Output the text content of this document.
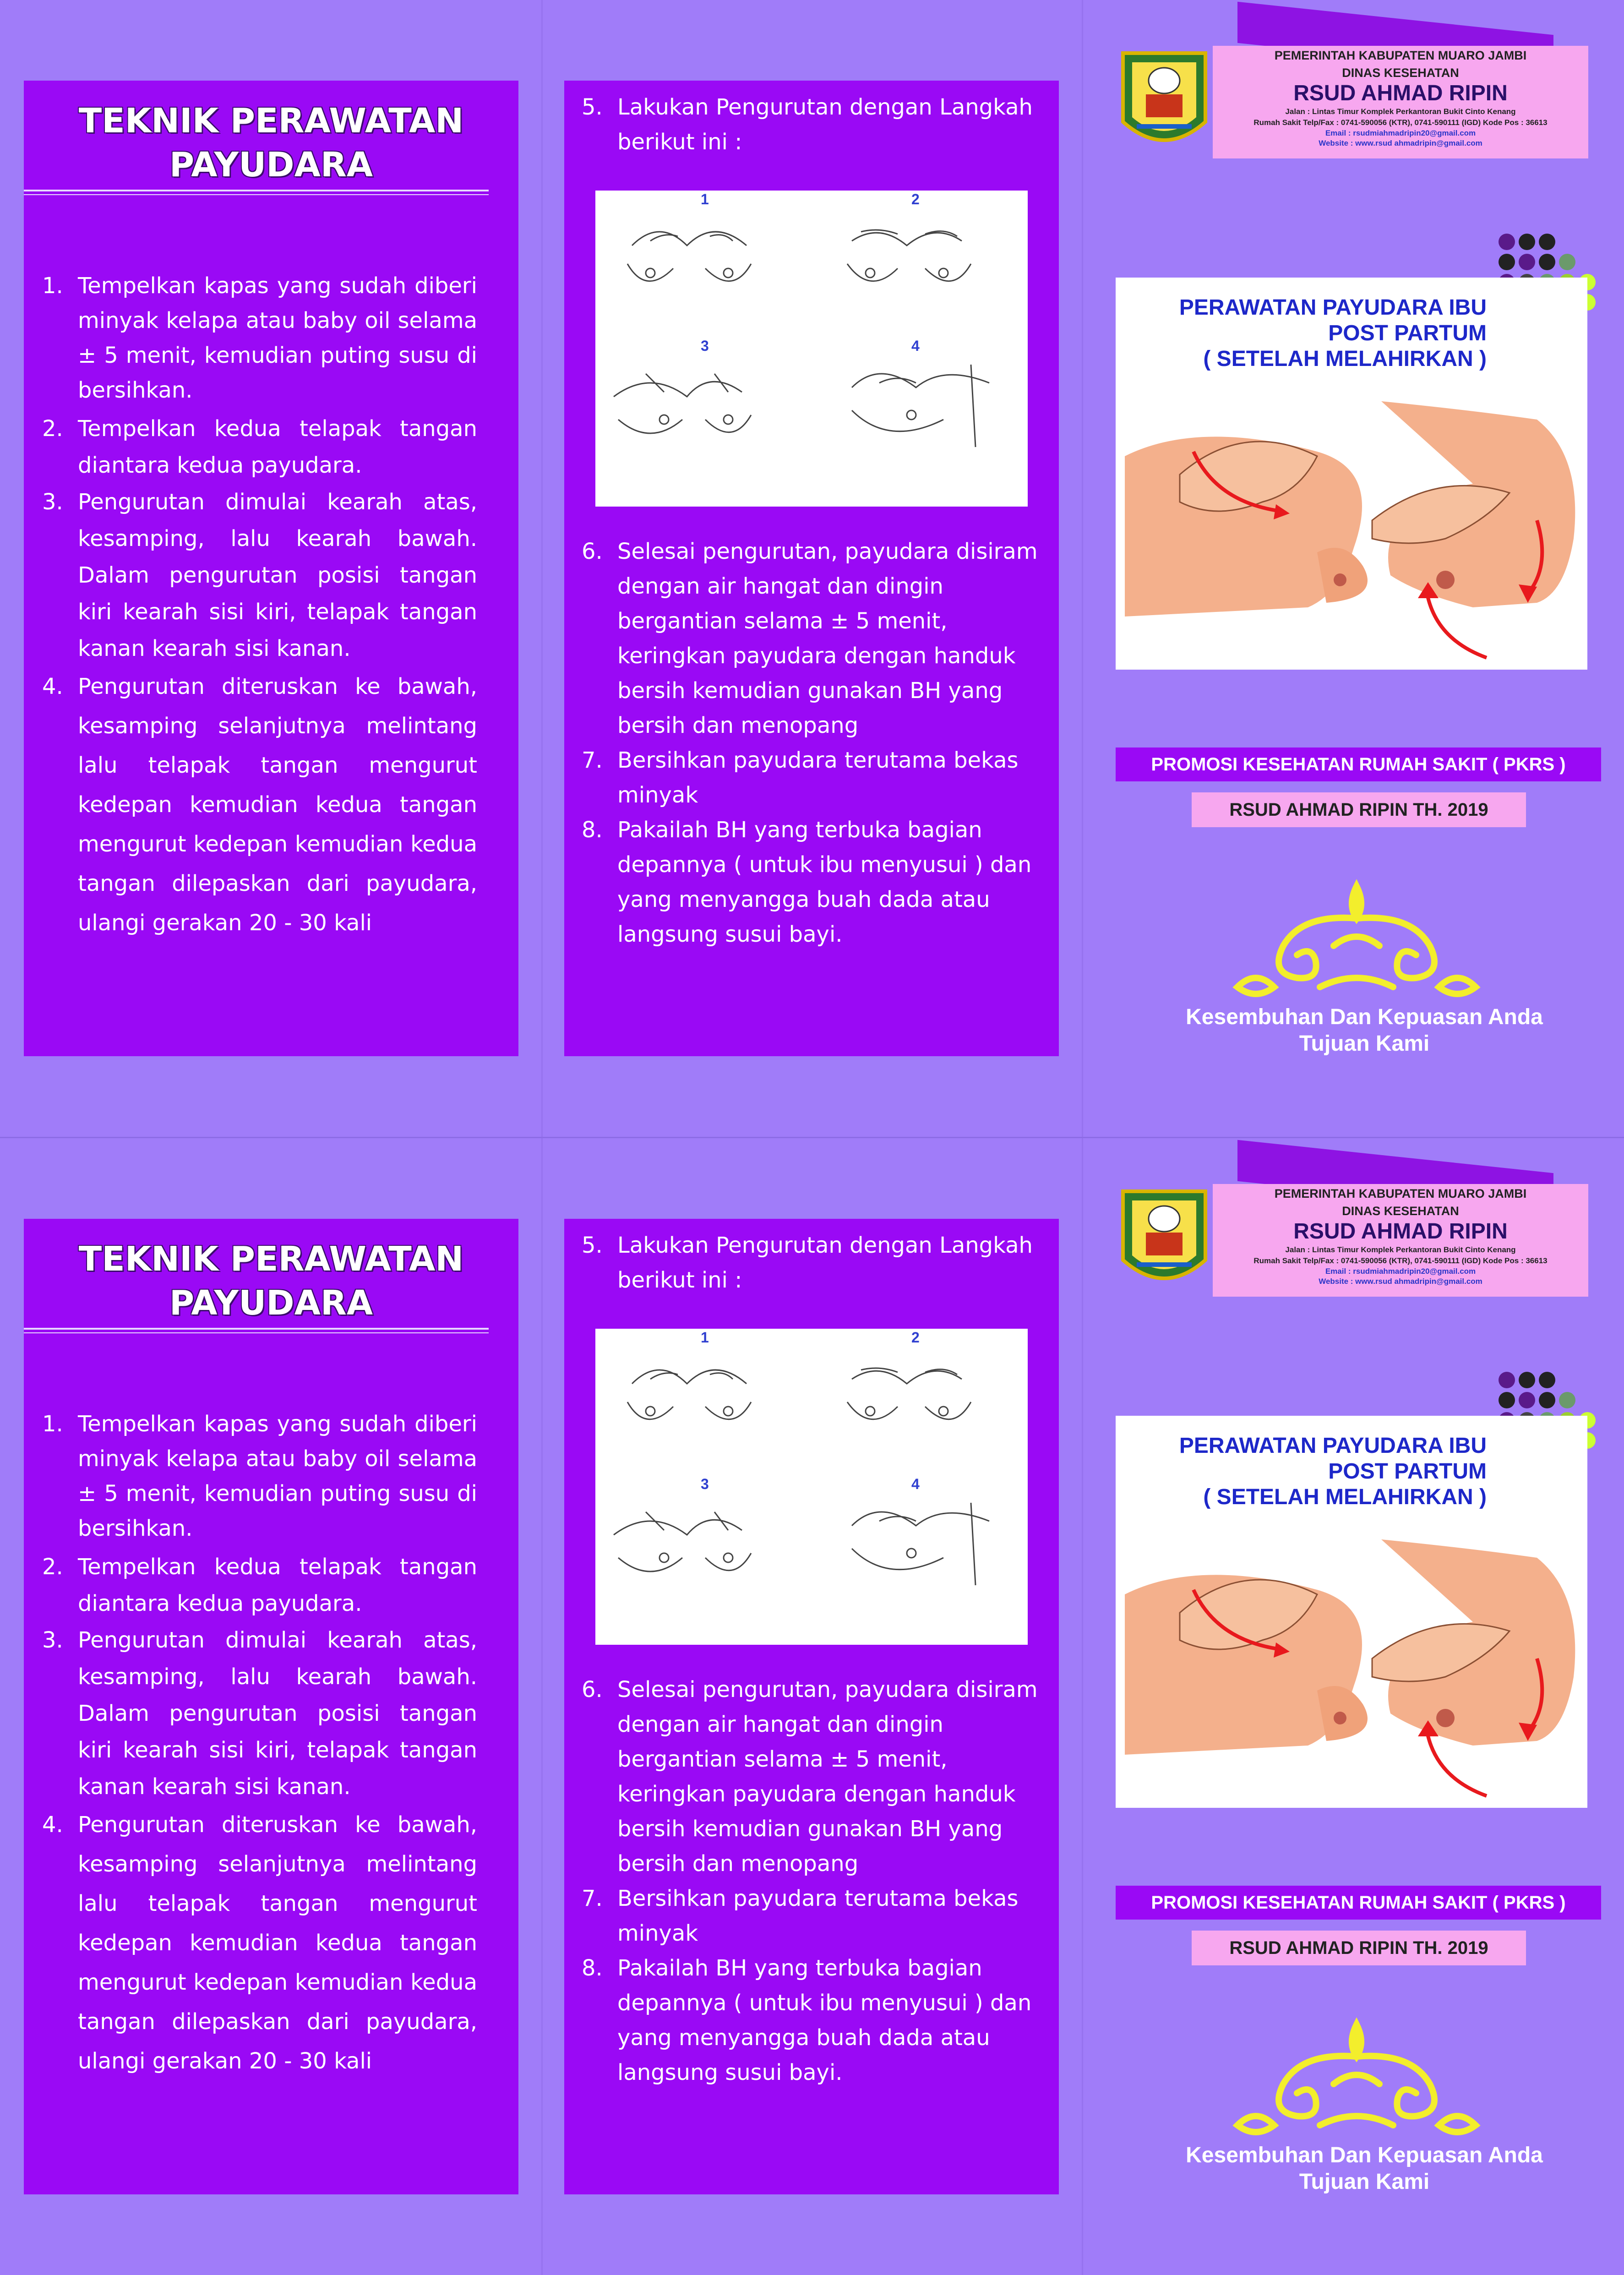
TEKNIK PERAWATAN
PAYUDARA
1. Tempelkan kapas yang sudah diberi minyak kelapa atau baby oil selama ± 5 menit, kemudian puting susu di bersihkan.
2. Tempelkan kedua telapak tangan diantara kedua payudara.
3. Pengurutan dimulai kearah atas, kesamping, lalu kearah bawah. Dalam pengurutan posisi tangan kiri kearah sisi kiri, telapak tangan kanan kearah sisi kanan.
4. Pengurutan diteruskan ke bawah, kesamping selanjutnya melintang lalu telapak tangan mengurut kedepan kemudian kedua tangan mengurut kedepan kemudian kedua tangan dilepaskan dari payudara, ulangi gerakan 20 - 30 kali
5. Lakukan Pengurutan dengan Langkah berikut ini :
1	2
3	4
6. Selesai pengurutan, payudara disiram dengan air hangat dan dingin bergantian selama ± 5 menit, keringkan payudara dengan handuk bersih kemudian gunakan BH yang bersih dan menopang
7. Bersihkan payudara terutama bekas minyak
8. Pakailah BH yang terbuka bagian depannya ( untuk ibu menyusui ) dan yang menyangga buah dada atau langsung susui bayi.
PEMERINTAH KABUPATEN MUARO JAMBI
DINAS KESEHATAN
RSUD AHMAD RIPIN
Jalan : Lintas Timur Komplek Perkantoran Bukit Cinto Kenang
Rumah Sakit Telp/Fax : 0741-590056 (KTR), 0741-590111 (IGD) Kode Pos : 36613
Email : rsudmiahmadripin20@gmail.com
Website : www.rsud ahmadripin@gmail.com
PERAWATAN PAYUDARA IBU
POST PARTUM
( SETELAH MELAHIRKAN )
PROMOSI KESEHATAN RUMAH SAKIT ( PKRS )
RSUD AHMAD RIPIN TH. 2019
Kesembuhan Dan Kepuasan Anda
Tujuan Kami
TEKNIK PERAWATAN
PAYUDARA
1. Tempelkan kapas yang sudah diberi minyak kelapa atau baby oil selama ± 5 menit, kemudian puting susu di bersihkan.
2. Tempelkan kedua telapak tangan diantara kedua payudara.
3. Pengurutan dimulai kearah atas, kesamping, lalu kearah bawah. Dalam pengurutan posisi tangan kiri kearah sisi kiri, telapak tangan kanan kearah sisi kanan.
4. Pengurutan diteruskan ke bawah, kesamping selanjutnya melintang lalu telapak tangan mengurut kedepan kemudian kedua tangan mengurut kedepan kemudian kedua tangan dilepaskan dari payudara, ulangi gerakan 20 - 30 kali
5. Lakukan Pengurutan dengan Langkah berikut ini :
1	2
3	4
6. Selesai pengurutan, payudara disiram dengan air hangat dan dingin bergantian selama ± 5 menit, keringkan payudara dengan handuk bersih kemudian gunakan BH yang bersih dan menopang
7. Bersihkan payudara terutama bekas minyak
8. Pakailah BH yang terbuka bagian depannya ( untuk ibu menyusui ) dan yang menyangga buah dada atau langsung susui bayi.
PEMERINTAH KABUPATEN MUARO JAMBI
DINAS KESEHATAN
RSUD AHMAD RIPIN
Jalan : Lintas Timur Komplek Perkantoran Bukit Cinto Kenang
Rumah Sakit Telp/Fax : 0741-590056 (KTR), 0741-590111 (IGD) Kode Pos : 36613
Email : rsudmiahmadripin20@gmail.com
Website : www.rsud ahmadripin@gmail.com
PERAWATAN PAYUDARA IBU
POST PARTUM
( SETELAH MELAHIRKAN )
PROMOSI KESEHATAN RUMAH SAKIT ( PKRS )
RSUD AHMAD RIPIN TH. 2019
Kesembuhan Dan Kepuasan Anda
Tujuan Kami
